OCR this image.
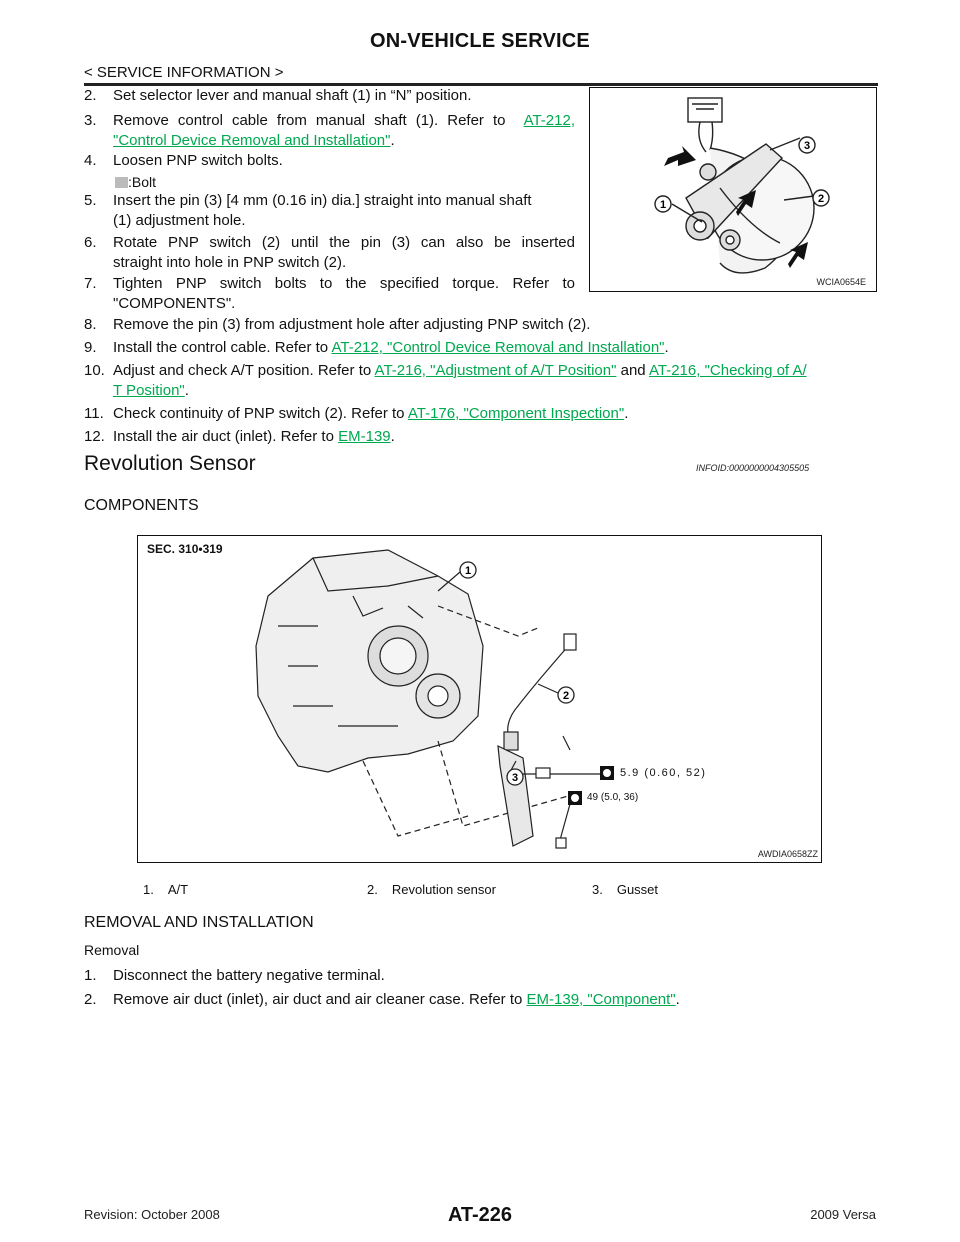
ON-VEHICLE SERVICE
< SERVICE INFORMATION >
2. Set selector lever and manual shaft (1) in “N” position.
3. Remove control cable from manual shaft (1). Refer to AT-212,
"Control Device Removal and Installation".
4. Loosen PNP switch bolts.
:Bolt
5. Insert the pin (3) [4 mm (0.16 in) dia.] straight into manual shaft
(1) adjustment hole.
6. Rotate PNP switch (2) until the pin (3) can also be inserted
straight into hole in PNP switch (2).
7. Tighten PNP switch bolts to the specified torque. Refer to
"COMPONENTS".
3
2
1
WCIA0654E
8. Remove the pin (3) from adjustment hole after adjusting PNP switch (2).
9. Install the control cable. Refer to AT-212, "Control Device Removal and Installation".
10. Adjust and check A/T position. Refer to AT-216, "Adjustment of A/T Position" and AT-216, "Checking of A/
T Position".
11. Check continuity of PNP switch (2). Refer to AT-176, "Component Inspection".
12. Install the air duct (inlet). Refer to EM-139.
Revolution Sensor	INFOID:0000000004305505
COMPONENTS
SEC. 310•319
1
2
3	5.9 (0.60, 52)
49 (5.0, 36)
AWDIA0658ZZ
1. A/T	2. Revolution sensor	3. Gusset
REMOVAL AND INSTALLATION
Removal
1. Disconnect the battery negative terminal.
2. Remove air duct (inlet), air duct and air cleaner case. Refer to EM-139, "Component".
Revision: October 2008	AT-226	2009 Versa
